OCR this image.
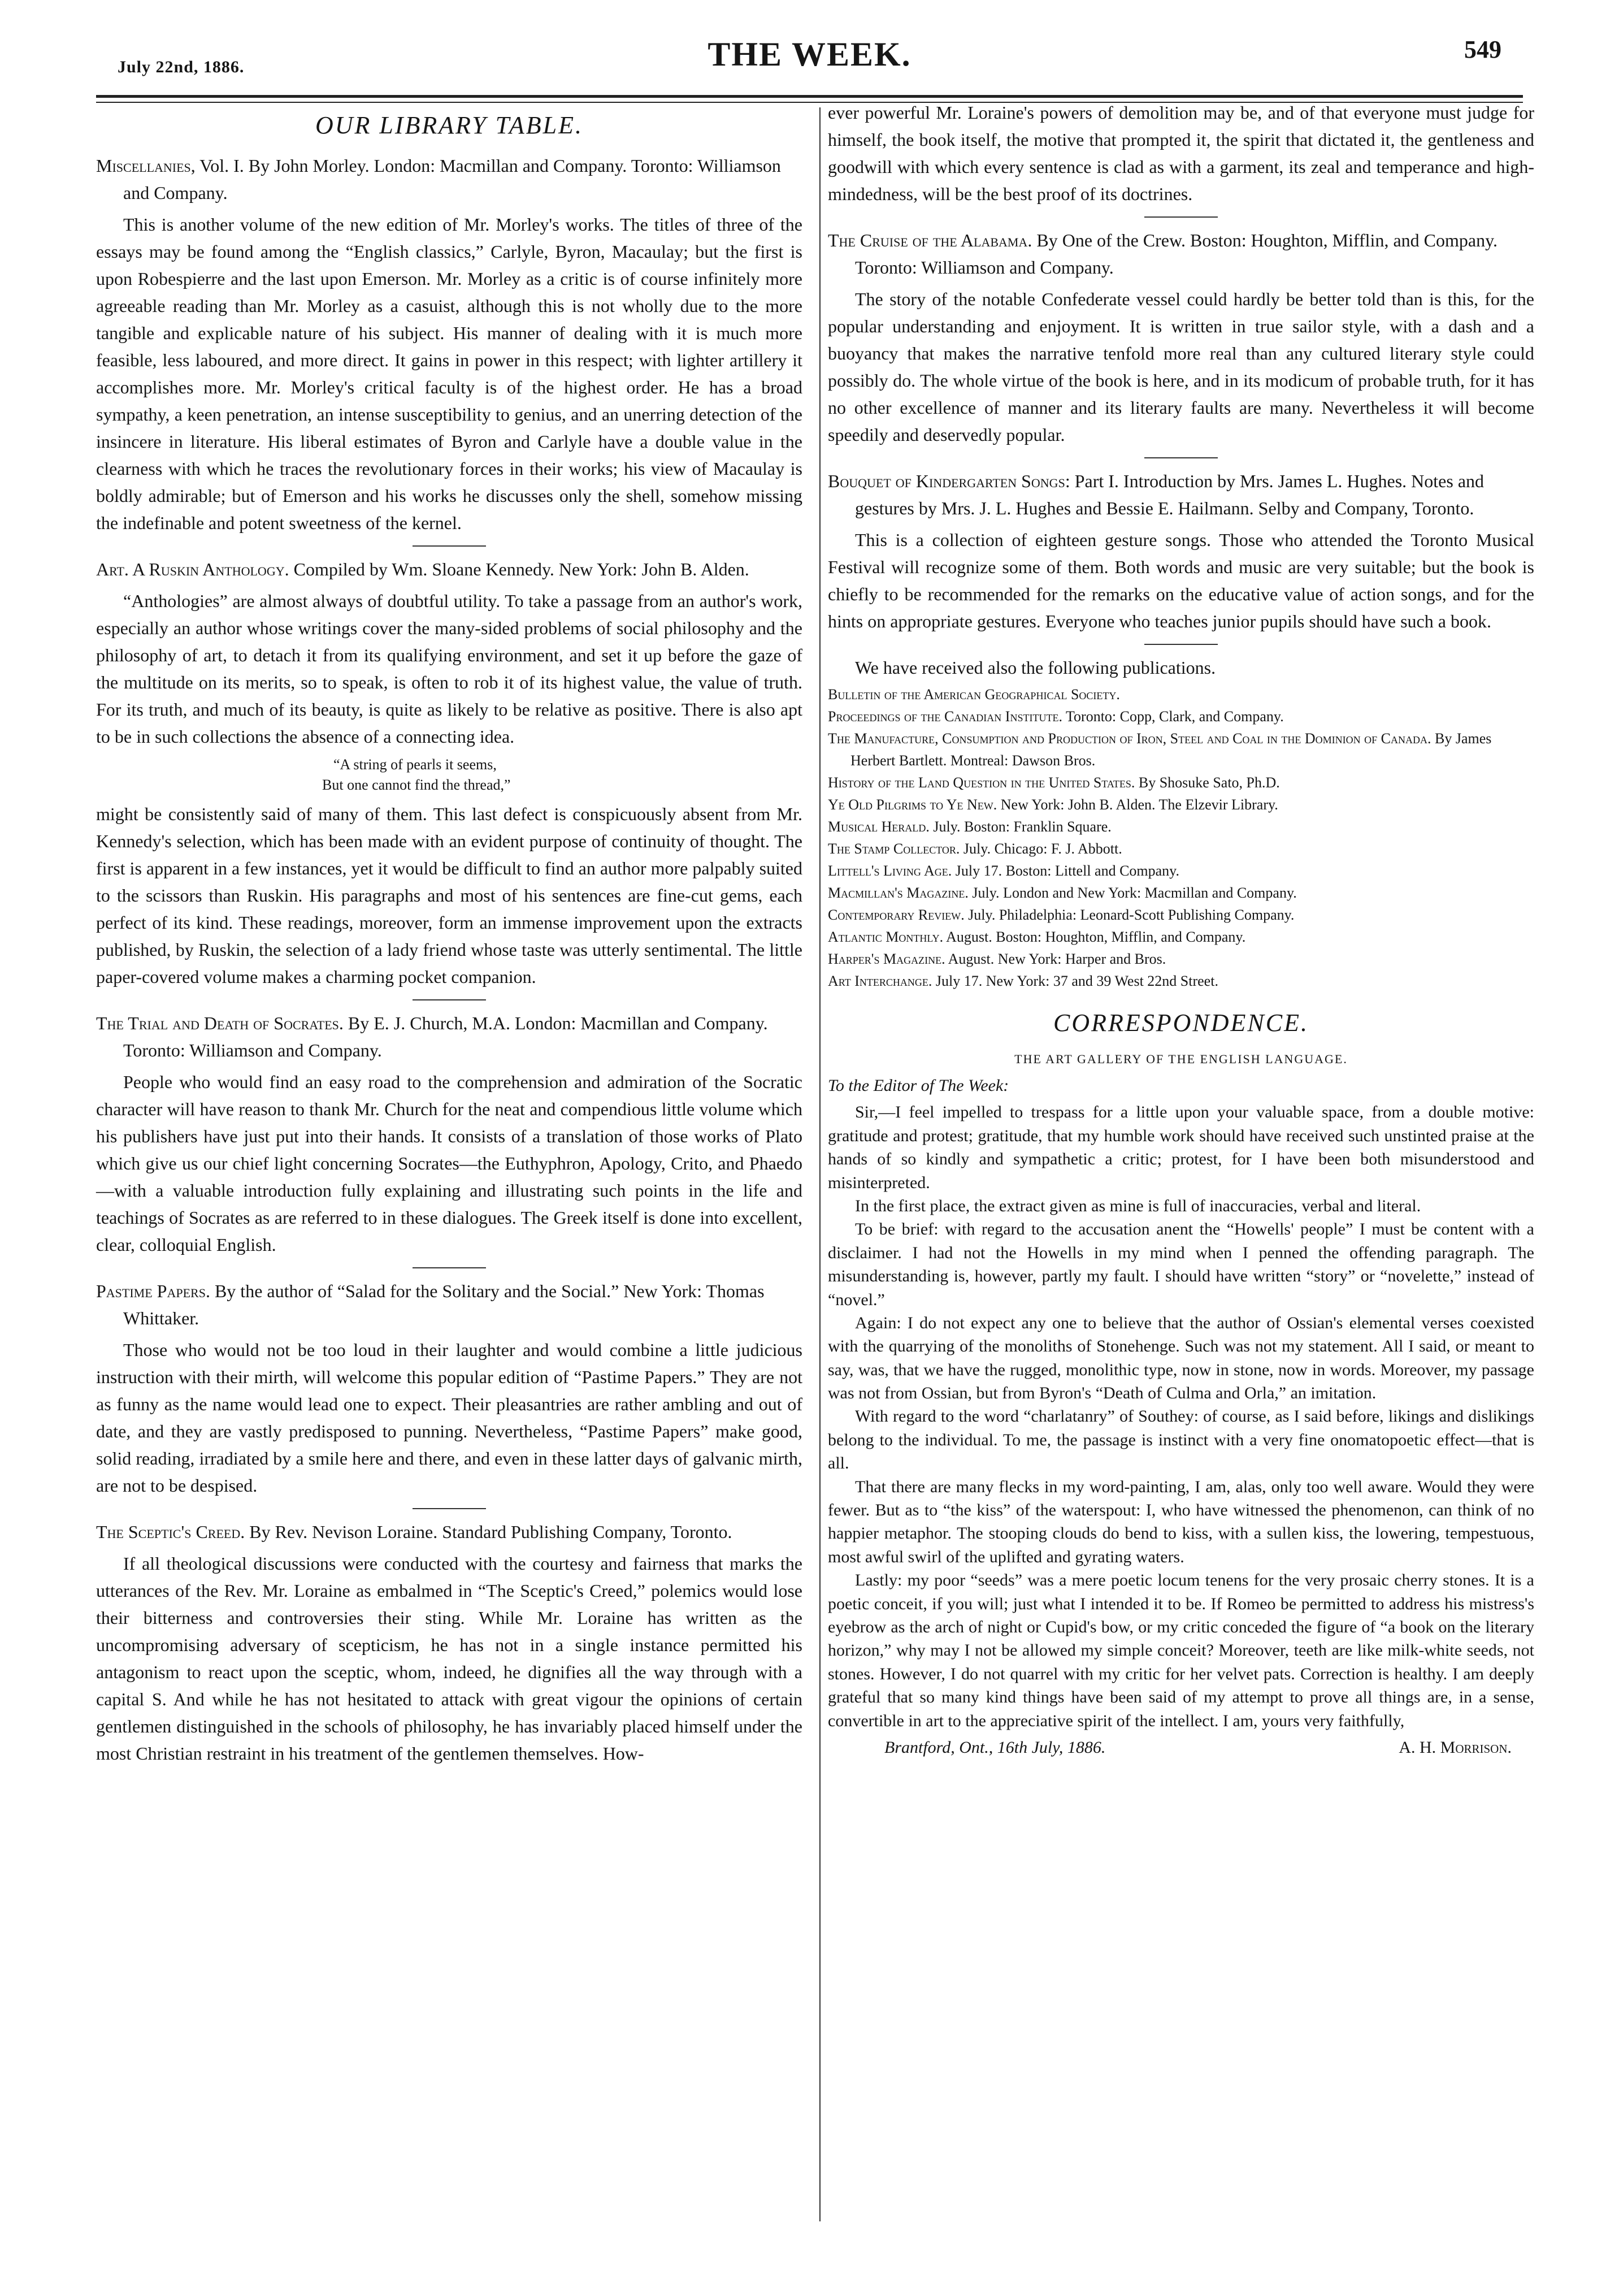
July 22nd, 1886.	THE WEEK.	549
OUR LIBRARY TABLE.
Miscellanies, Vol. I. By John Morley. London: Macmillan and Company. Toronto: Williamson and Company.

This is another volume of the new edition of Mr. Morley's works. The titles of three of the essays may be found among the “English classics,” Carlyle, Byron, Macaulay; but the first is upon Robespierre and the last upon Emerson. Mr. Morley as a critic is of course infinitely more agreeable reading than Mr. Morley as a casuist, although this is not wholly due to the more tangible and explicable nature of his subject. His manner of dealing with it is much more feasible, less laboured, and more direct. It gains in power in this respect; with lighter artillery it accomplishes more. Mr. Morley's critical faculty is of the highest order. He has a broad sympathy, a keen penetration, an intense susceptibility to genius, and an unerring detection of the insincere in literature. His liberal estimates of Byron and Carlyle have a double value in the clearness with which he traces the revolutionary forces in their works; his view of Macaulay is boldly admirable; but of Emerson and his works he discusses only the shell, somehow missing the indefinable and potent sweetness of the kernel.

Art. A Ruskin Anthology. Compiled by Wm. Sloane Kennedy. New York: John B. Alden.

“Anthologies” are almost always of doubtful utility. To take a passage from an author's work, especially an author whose writings cover the many-sided problems of social philosophy and the philosophy of art, to detach it from its qualifying environment, and set it up before the gaze of the multitude on its merits, so to speak, is often to rob it of its highest value, the value of truth. For its truth, and much of its beauty, is quite as likely to be relative as positive. There is also apt to be in such collections the absence of a connecting idea.

“A string of pearls it seems,
But one cannot find the thread,”

might be consistently said of many of them. This last defect is conspicuously absent from Mr. Kennedy's selection, which has been made with an evident purpose of continuity of thought. The first is apparent in a few instances, yet it would be difficult to find an author more palpably suited to the scissors than Ruskin. His paragraphs and most of his sentences are fine-cut gems, each perfect of its kind. These readings, moreover, form an immense improvement upon the extracts published, by Ruskin, the selection of a lady friend whose taste was utterly sentimental. The little paper-covered volume makes a charming pocket companion.

The Trial and Death of Socrates. By E. J. Church, M.A. London: Macmillan and Company. Toronto: Williamson and Company.

People who would find an easy road to the comprehension and admiration of the Socratic character will have reason to thank Mr. Church for the neat and compendious little volume which his publishers have just put into their hands. It consists of a translation of those works of Plato which give us our chief light concerning Socrates—the Euthyphron, Apology, Crito, and Phaedo—with a valuable introduction fully explaining and illustrating such points in the life and teachings of Socrates as are referred to in these dialogues. The Greek itself is done into excellent, clear, colloquial English.

Pastime Papers. By the author of “Salad for the Solitary and the Social.” New York: Thomas Whittaker.

Those who would not be too loud in their laughter and would combine a little judicious instruction with their mirth, will welcome this popular edition of “Pastime Papers.” They are not as funny as the name would lead one to expect. Their pleasantries are rather ambling and out of date, and they are vastly predisposed to punning. Nevertheless, “Pastime Papers” make good, solid reading, irradiated by a smile here and there, and even in these latter days of galvanic mirth, are not to be despised.

The Sceptic's Creed. By Rev. Nevison Loraine. Standard Publishing Company, Toronto.

If all theological discussions were conducted with the courtesy and fairness that marks the utterances of the Rev. Mr. Loraine as embalmed in “The Sceptic's Creed,” polemics would lose their bitterness and controversies their sting. While Mr. Loraine has written as the uncompromising adversary of scepticism, he has not in a single instance permitted his antagonism to react upon the sceptic, whom, indeed, he dignifies all the way through with a capital S. And while he has not hesitated to attack with great vigour the opinions of certain gentlemen distinguished in the schools of philosophy, he has invariably placed himself under the most Christian restraint in his treatment of the gentlemen themselves. How-

ever powerful Mr. Loraine's powers of demolition may be, and of that everyone must judge for himself, the book itself, the motive that prompted it, the spirit that dictated it, the gentleness and goodwill with which every sentence is clad as with a garment, its zeal and temperance and high-mindedness, will be the best proof of its doctrines.

The Cruise of the Alabama. By One of the Crew. Boston: Houghton, Mifflin, and Company. Toronto: Williamson and Company.

The story of the notable Confederate vessel could hardly be better told than is this, for the popular understanding and enjoyment. It is written in true sailor style, with a dash and a buoyancy that makes the narrative tenfold more real than any cultured literary style could possibly do. The whole virtue of the book is here, and in its modicum of probable truth, for it has no other excellence of manner and its literary faults are many. Nevertheless it will become speedily and deservedly popular.

Bouquet of Kindergarten Songs: Part I. Introduction by Mrs. James L. Hughes. Notes and gestures by Mrs. J. L. Hughes and Bessie E. Hailmann. Selby and Company, Toronto.

This is a collection of eighteen gesture songs. Those who attended the Toronto Musical Festival will recognize some of them. Both words and music are very suitable; but the book is chiefly to be recommended for the remarks on the educative value of action songs, and for the hints on appropriate gestures. Everyone who teaches junior pupils should have such a book.

We have received also the following publications.

Bulletin of the American Geographical Society.
Proceedings of the Canadian Institute. Toronto: Copp, Clark, and Company.
The Manufacture, Consumption and Production of Iron, Steel and Coal in the Dominion of Canada. By James Herbert Bartlett. Montreal: Dawson Bros.
History of the Land Question in the United States. By Shosuke Sato, Ph.D.
Ye Old Pilgrims to Ye New. New York: John B. Alden. The Elzevir Library.
Musical Herald. July. Boston: Franklin Square.
The Stamp Collector. July. Chicago: F. J. Abbott.
Littell's Living Age. July 17. Boston: Littell and Company.
Macmillan's Magazine. July. London and New York: Macmillan and Company.
Contemporary Review. July. Philadelphia: Leonard-Scott Publishing Company.
Atlantic Monthly. August. Boston: Houghton, Mifflin, and Company.
Harper's Magazine. August. New York: Harper and Bros.
Art Interchange. July 17. New York: 37 and 39 West 22nd Street.
CORRESPONDENCE.
THE ART GALLERY OF THE ENGLISH LANGUAGE.
To the Editor of The Week:

Sir,—I feel impelled to trespass for a little upon your valuable space, from a double motive: gratitude and protest; gratitude, that my humble work should have received such unstinted praise at the hands of so kindly and sympathetic a critic; protest, for I have been both misunderstood and misinterpreted.

In the first place, the extract given as mine is full of inaccuracies, verbal and literal.

To be brief: with regard to the accusation anent the “Howells' people” I must be content with a disclaimer. I had not the Howells in my mind when I penned the offending paragraph. The misunderstanding is, however, partly my fault. I should have written “story” or “novelette,” instead of “novel.”

Again: I do not expect any one to believe that the author of Ossian's elemental verses coexisted with the quarrying of the monoliths of Stonehenge. Such was not my statement. All I said, or meant to say, was, that we have the rugged, monolithic type, now in stone, now in words. Moreover, my passage was not from Ossian, but from Byron's “Death of Culma and Orla,” an imitation.

With regard to the word “charlatanry” of Southey: of course, as I said before, likings and dislikings belong to the individual. To me, the passage is instinct with a very fine onomatopoetic effect—that is all.

That there are many flecks in my word-painting, I am, alas, only too well aware. Would they were fewer. But as to “the kiss” of the waterspout: I, who have witnessed the phenomenon, can think of no happier metaphor. The stooping clouds do bend to kiss, with a sullen kiss, the lowering, tempestuous, most awful swirl of the uplifted and gyrating waters.

Lastly: my poor “seeds” was a mere poetic locum tenens for the very prosaic cherry stones. It is a poetic conceit, if you will; just what I intended it to be. If Romeo be permitted to address his mistress's eyebrow as the arch of night or Cupid's bow, or my critic conceded the figure of “a book on the literary horizon,” why may I not be allowed my simple conceit? Moreover, teeth are like milk-white seeds, not stones. However, I do not quarrel with my critic for her velvet pats. Correction is healthy. I am deeply grateful that so many kind things have been said of my attempt to prove all things are, in a sense, convertible in art to the appreciative spirit of the intellect. I am, yours very faithfully,

Brantford, Ont., 16th July, 1886.	A. H. Morrison.
